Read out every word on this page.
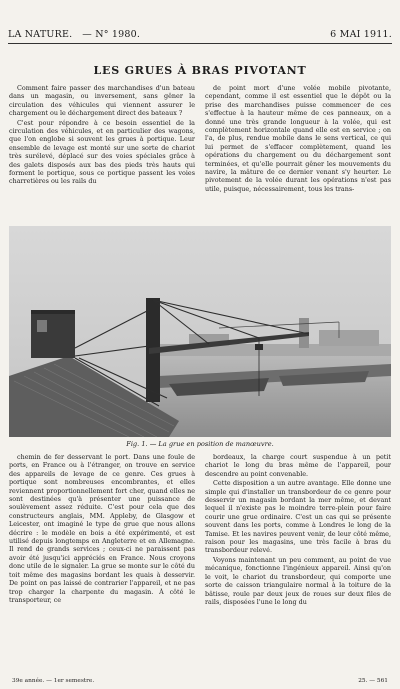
LA NATURE. — N° 1980.	6 MAI 1911.
LES GRUES À BRAS PIVOTANT

Comment faire passer des marchandises d'un bateau dans un magasin, ou inversement, sans gêner la circulation des véhicules qui viennent assurer le chargement ou le déchargement direct des bateaux ?

C'est pour répondre à ce besoin essentiel de la circulation des véhicules, et en particulier des wagons, que l'on englobe si souvent les grues à portique. Leur ensemble de levage est monté sur une sorte de chariot très surélevé, déplacé sur des voies spéciales grâce à des galets disposés aux bas des pieds très hauts qui forment le portique, sous ce portique passent les voies charretières ou les rails du

de point mort d'une volée mobile pivotante, cependant, comme il est essentiel que le dépôt ou la prise des marchandises puisse commencer de ces s'effectue à la hauteur même de ces panneaux, on a donné une très grande longueur à la volée, qui est complètement horizontale quand elle est en service ; on l'a, de plus, rendue mobile dans le sens vertical, ce qui lui permet de s'effacer complètement, quand les opérations du chargement ou du déchargement sont terminées, et qu'elle pourrait gêner les mouvements du navire, la mâture de ce dernier venant s'y heurter. Le pivotement de la volée durant les opérations n'est pas utile, puisque, nécessairement, tous les trans-

Fig. 1. — La grue en position de manœuvre.

chemin de fer desservant le port. Dans une foule de ports, en France ou à l'étranger, on trouve en service des appareils de levage de ce genre. Ces grues à portique sont nombreuses encombrantes, et elles reviennent proportionnellement fort cher, quand elles ne sont destinées qu'à présenter une puissance de soulèvement assez réduite. C'est pour cela que des constructeurs anglais, MM. Appleby, de Glasgow et Leicester, ont imaginé le type de grue que nous allons décrire : le modèle en bois a été expérimenté, et est utilisé depuis longtemps en Angleterre et en Allemagne. Il rend de grands services ; ceux-ci ne paraissent pas avoir été jusqu'ici appréciés en France. Nous croyons donc utile de le signaler. La grue se monte sur le côté du toit même des magasins bordant les quais à desservir. De point on pas laissé de contrarier l'appareil, et ne pas trop charger la charpente du magasin. À côté le transporteur, ce

bordeaux, la charge court suspendue à un petit chariot le long du bras même de l'appareil, pour descendre au point convenable.

Cette disposition a un autre avantage. Elle donne une simple qui d'installer un transbordeur de ce genre pour desservir un magasin bordant la mer même, et devant lequel il n'existe pas le moindre terre-plein pour faire courir une grue ordinaire. C'est un cas qui se présente souvent dans les ports, comme à Londres le long de la Tamise. Et les navires peuvent venir, de leur côté même, raison pour les magasins, une très facile à bras du transbordeur relevé.

Voyons maintenant un peu comment, au point de vue mécanique, fonctionne l'ingénieux appareil. Ainsi qu'on le voit, le chariot du transbordeur, qui comporte une sorte de caisson triangulaire normal à la toiture de la bâtisse, roule par deux jeux de roues sur deux files de rails, disposées l'une le long du

39e année. — 1er semestre.	25. — 561
